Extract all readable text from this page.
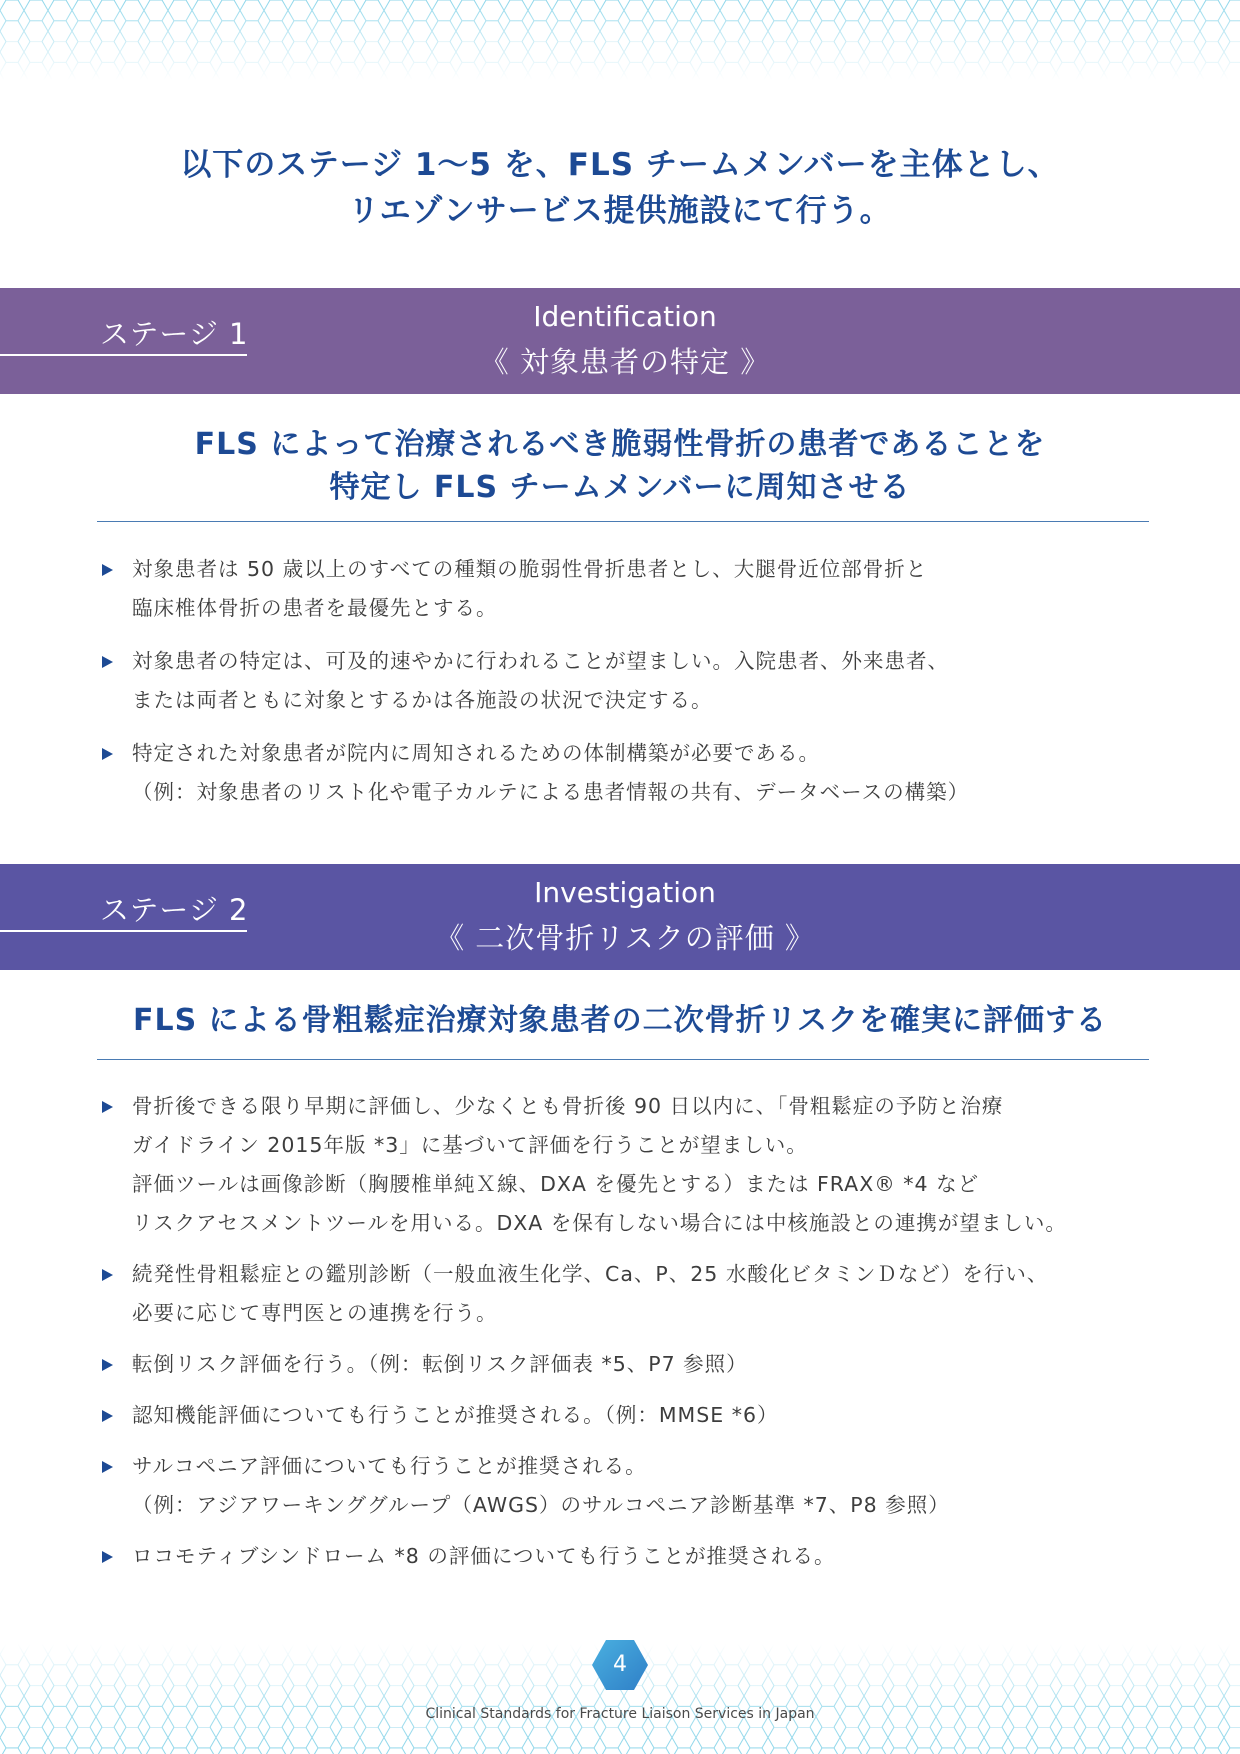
以下のステージ 1〜5 を、FLS チームメンバーを主体とし、
リエゾンサービス提供施設にて行う。
ステージ 1
Identification
《 対象患者の特定 》
FLS によって治療されるべき脆弱性骨折の患者であることを
特定し FLS チームメンバーに周知させる
対象患者は 50 歳以上のすべての種類の脆弱性骨折患者とし、大腿骨近位部骨折と
臨床椎体骨折の患者を最優先とする。
対象患者の特定は、可及的速やかに行われることが望ましい。入院患者、外来患者、
または両者ともに対象とするかは各施設の状況で決定する。
特定された対象患者が院内に周知されるための体制構築が必要である。
（例：対象患者のリスト化や電子カルテによる患者情報の共有、データベースの構築）
ステージ 2
Investigation
《 二次骨折リスクの評価 》
FLS による骨粗鬆症治療対象患者の二次骨折リスクを確実に評価する
骨折後できる限り早期に評価し、少なくとも骨折後 90 日以内に、「骨粗鬆症の予防と治療
ガイドライン 2015年版 *3」に基づいて評価を行うことが望ましい。
評価ツールは画像診断（胸腰椎単純Ｘ線、DXA を優先とする）または FRAX® *4 など
リスクアセスメントツールを用いる。DXA を保有しない場合には中核施設との連携が望ましい。
続発性骨粗鬆症との鑑別診断（一般血液生化学、Ca、P、25 水酸化ビタミンＤなど）を行い、
必要に応じて専門医との連携を行う。
転倒リスク評価を行う。（例：転倒リスク評価表 *5、P7 参照）
認知機能評価についても行うことが推奨される。（例：MMSE *6）
サルコペニア評価についても行うことが推奨される。
（例：アジアワーキンググループ（AWGS）のサルコペニア診断基準 *7、P8 参照）
ロコモティブシンドローム *8 の評価についても行うことが推奨される。
4
Clinical Standards for Fracture Liaison Services in Japan
